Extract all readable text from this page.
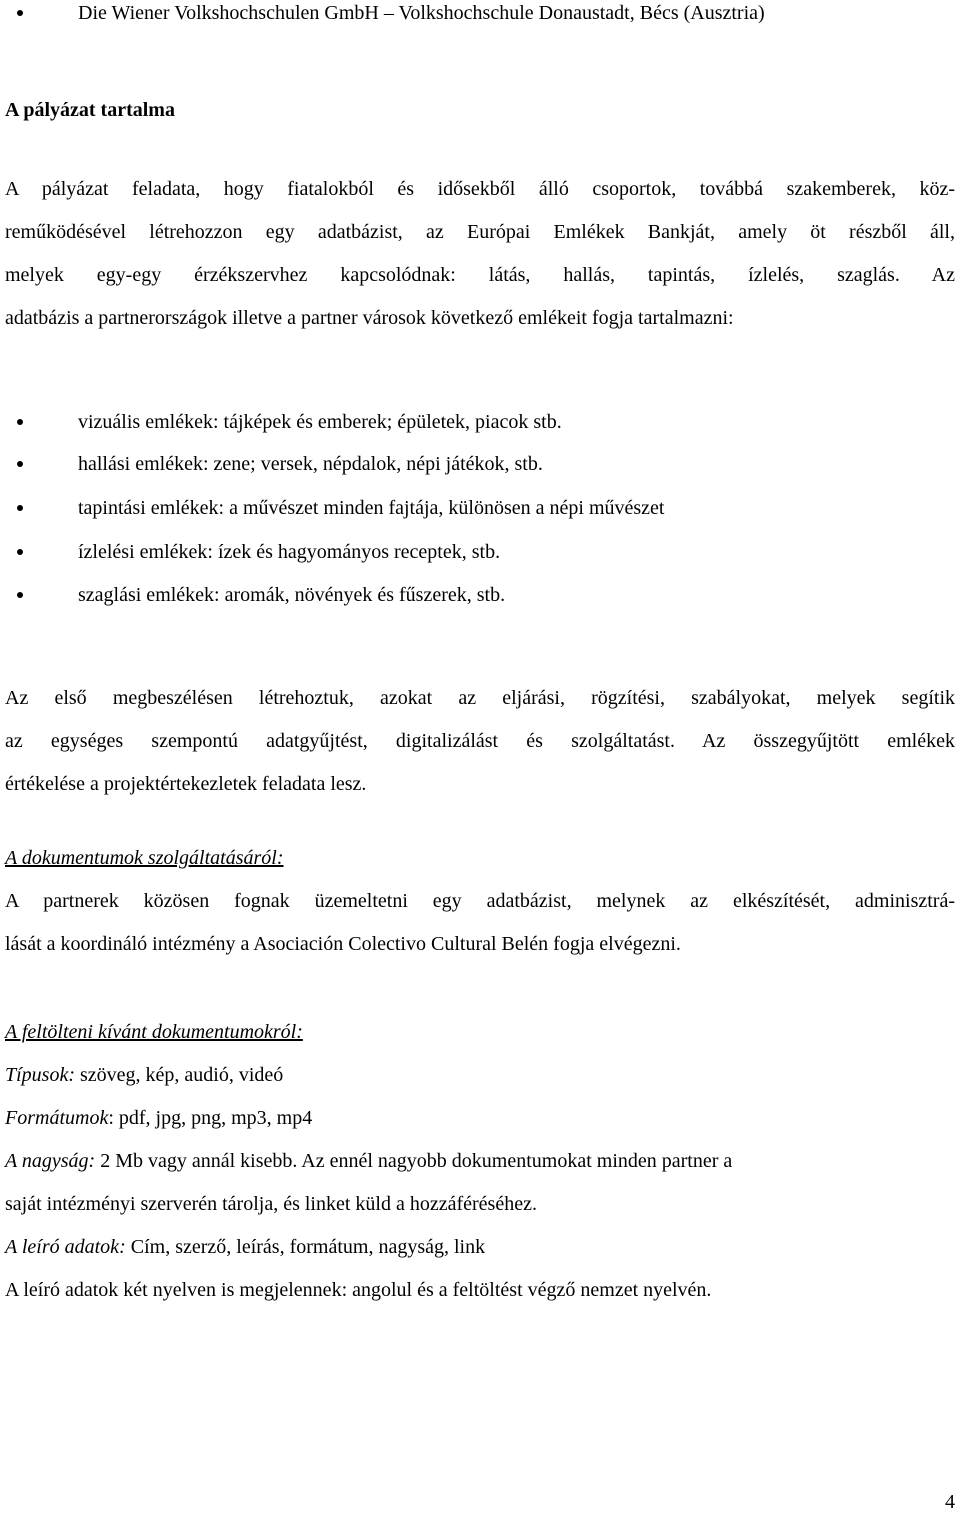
Die Wiener Volkshochschulen GmbH – Volkshochschule Donaustadt, Bécs (Ausztria)
A pályázat tartalma
A pályázat feladata, hogy fiatalokból és idősekből álló csoportok, továbbá szakemberek, köz-
reműködésével létrehozzon egy adatbázist, az Európai Emlékek Bankját, amely öt részből áll,
melyek egy-egy érzékszervhez kapcsolódnak: látás, hallás, tapintás, ízlelés, szaglás. Az
adatbázis a partnerországok illetve a partner városok következő emlékeit fogja tartalmazni:
vizuális emlékek: tájképek és emberek; épületek, piacok stb.
hallási emlékek: zene; versek, népdalok, népi játékok, stb.
tapintási emlékek: a művészet minden fajtája, különösen a népi művészet
ízlelési emlékek: ízek és hagyományos receptek, stb.
szaglási emlékek: aromák, növények és fűszerek, stb.
Az első megbeszélésen létrehoztuk, azokat az eljárási, rögzítési, szabályokat, melyek segítik
az egységes szempontú adatgyűjtést, digitalizálást és szolgáltatást. Az összegyűjtött emlékek
értékelése a projektértekezletek feladata lesz.
A dokumentumok szolgáltatásáról:
A partnerek közösen fognak üzemeltetni egy adatbázist, melynek az elkészítését, adminisztrá-
lását a koordináló intézmény a Asociación Colectivo Cultural Belén fogja elvégezni.
A feltölteni kívánt dokumentumokról:
Típusok: szöveg, kép, audió, videó
Formátumok: pdf, jpg, png, mp3, mp4
A nagyság: 2 Mb vagy annál kisebb. Az ennél nagyobb dokumentumokat minden partner a
saját intézményi szerverén tárolja, és linket küld a hozzáféréséhez.
A leíró adatok: Cím, szerző, leírás, formátum, nagyság, link
A leíró adatok két nyelven is megjelennek: angolul és a feltöltést végző nemzet nyelvén.
4
